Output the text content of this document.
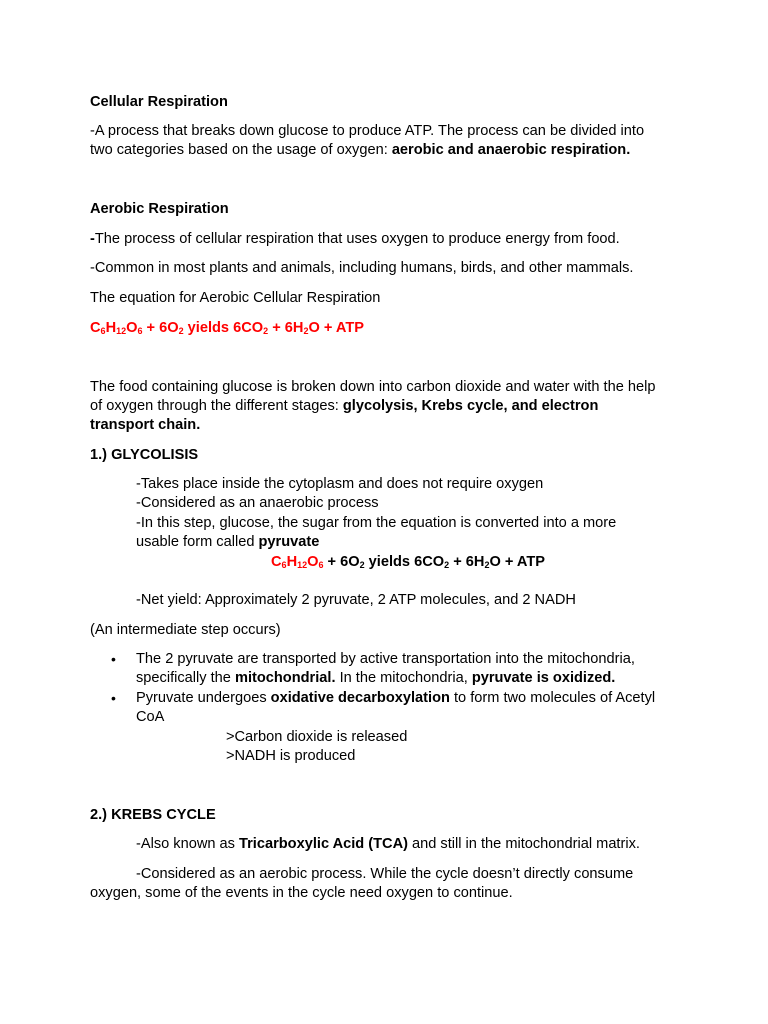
Cellular Respiration
-A process that breaks down glucose to produce ATP. The process can be divided into
two categories based on the usage of oxygen: aerobic and anaerobic respiration.
Aerobic Respiration
-The process of cellular respiration that uses oxygen to produce energy from food.
-Common in most plants and animals, including humans, birds, and other mammals.
The equation for Aerobic Cellular Respiration
$C_6H_{12}O_6 + 6O_2$ yields $6CO_2 + 6H_2O$ + ATP
The food containing glucose is broken down into carbon dioxide and water with the help
of oxygen through the different stages: glycolysis, Krebs cycle, and electron
transport chain.
1.) GLYCOLISIS
-Takes place inside the cytoplasm and does not require oxygen
-Considered as an anaerobic process
-In this step, glucose, the sugar from the equation is converted into a more
usable form called pyruvate
$C_6H_{12}O_6 + 6O_2$ yields $6CO_2 + 6H_2O$ + ATP
-Net yield: Approximately 2 pyruvate, 2 ATP molecules, and 2 NADH
(An intermediate step occurs)
• The 2 pyruvate are transported by active transportation into the mitochondria,
specifically the mitochondrial. In the mitochondria, pyruvate is oxidized.
• Pyruvate undergoes oxidative decarboxylation to form two molecules of Acetyl
CoA
>Carbon dioxide is released
>NADH is produced
2.) KREBS CYCLE
-Also known as Tricarboxylic Acid (TCA) and still in the mitochondrial matrix.
-Considered as an aerobic process. While the cycle doesn’t directly consume
oxygen, some of the events in the cycle need oxygen to continue.
